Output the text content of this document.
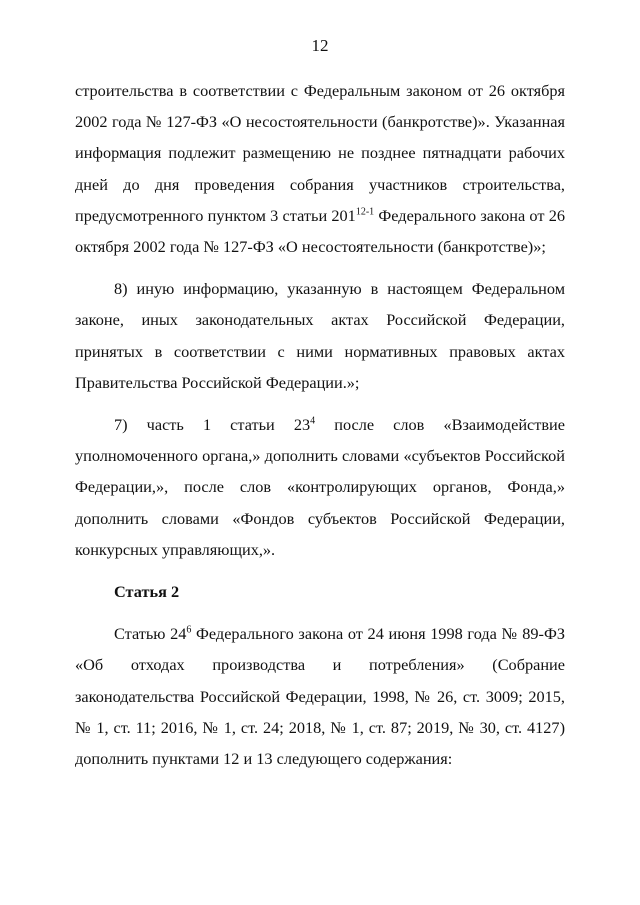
12

строительства в соответствии с Федеральным законом от 26 октября 2002 года № 127-ФЗ «О несостоятельности (банкротстве)». Указанная информация подлежит размещению не позднее пятнадцати рабочих дней до дня проведения собрания участников строительства, предусмотренного пунктом 3 статьи 201$^{12-1}$ Федерального закона от 26 октября 2002 года № 127-ФЗ «О несостоятельности (банкротстве)»;

8) иную информацию, указанную в настоящем Федеральном законе, иных законодательных актах Российской Федерации, принятых в соответствии с ними нормативных правовых актах Правительства Российской Федерации.»;

7) часть 1 статьи $23^4$ после слов «Взаимодействие уполномоченного органа,» дополнить словами «субъектов Российской Федерации,», после слов «контролирующих органов, Фонда,» дополнить словами «Фондов субъектов Российской Федерации, конкурсных управляющих,».

Статья 2

Статью $24^6$ Федерального закона от 24 июня 1998 года № 89-ФЗ «Об отходах производства и потребления» (Собрание законодательства Российской Федерации, 1998, № 26, ст. 3009; 2015, № 1, ст. 11; 2016, № 1, ст. 24; 2018, № 1, ст. 87; 2019, № 30, ст. 4127) дополнить пунктами 12 и 13 следующего содержания:
